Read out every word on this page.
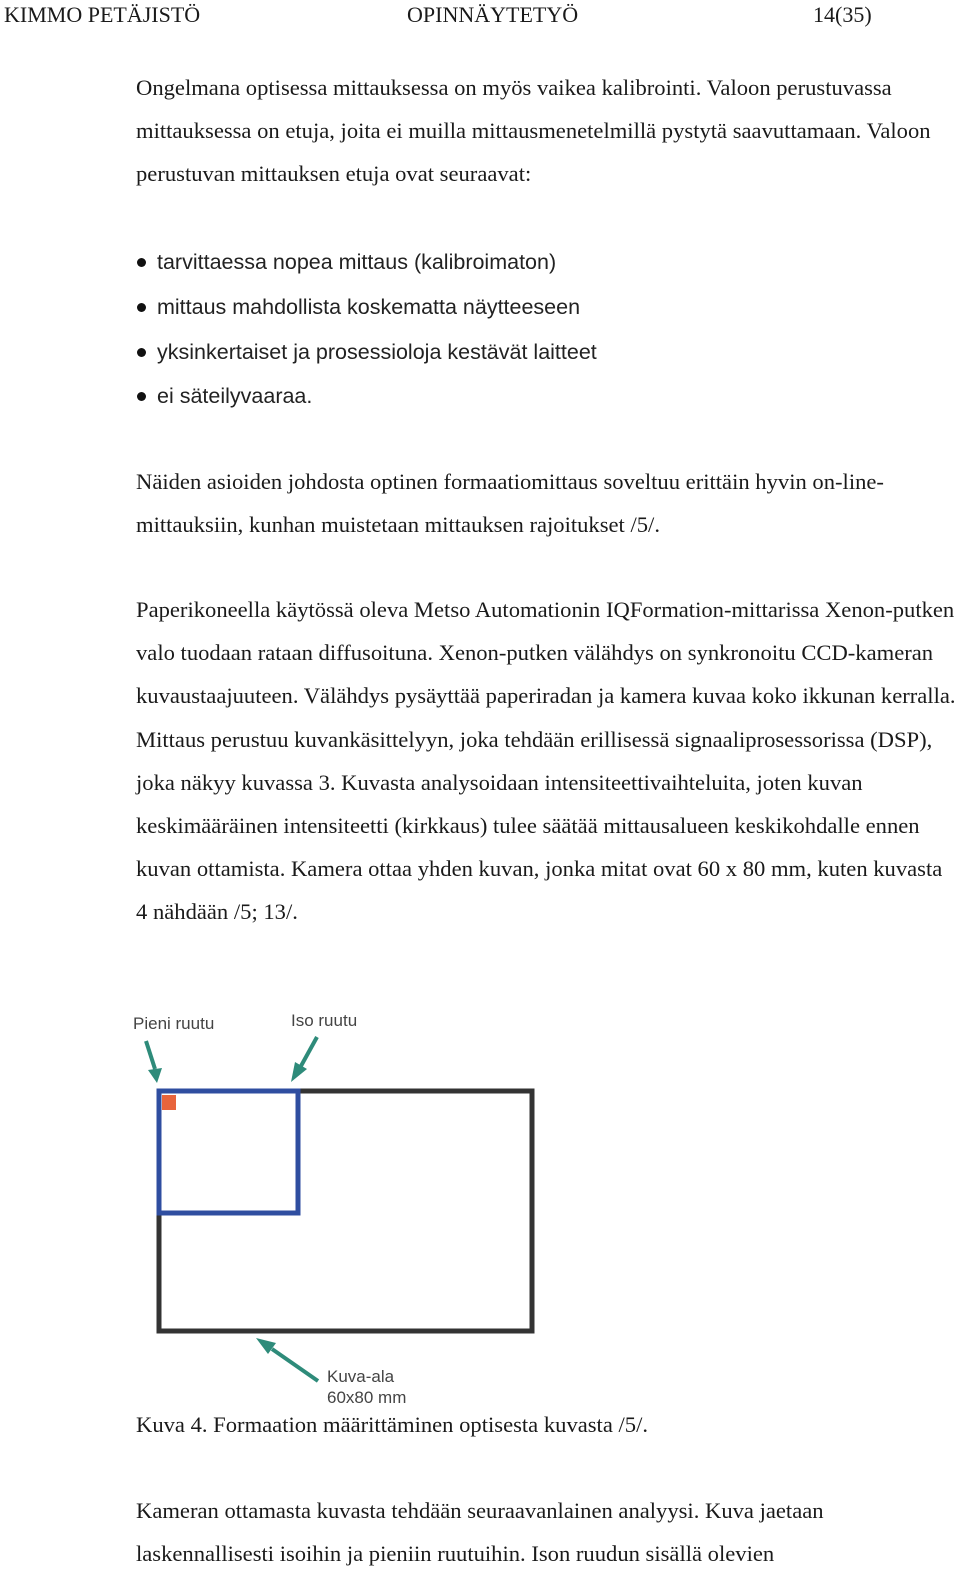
KIMMO PETÄJISTÖ	OPINNÄYTETYÖ	14(35)

Ongelmana optisessa mittauksessa on myös vaikea kalibrointi. Valoon perustuvassa mittauksessa on etuja, joita ei muilla mittausmenetelmillä pystytä saavuttamaan. Valoon perustuvan mittauksen etuja ovat seuraavat:

tarvittaessa nopea mittaus (kalibroimaton)
mittaus mahdollista koskematta näytteeseen
yksinkertaiset ja prosessioloja kestävät laitteet
ei säteilyvaaraa.

Näiden asioiden johdosta optinen formaatiomittaus soveltuu erittäin hyvin on-line-mittauksiin, kunhan muistetaan mittauksen rajoitukset /5/.

Paperikoneella käytössä oleva Metso Automationin IQFormation-mittarissa Xenon-putken valo tuodaan rataan diffusoituna. Xenon-putken välähdys on synkronoitu CCD-kameran kuvaustaajuuteen. Välähdys pysäyttää paperiradan ja kamera kuvaa koko ikkunan kerralla. Mittaus perustuu kuvankäsittelyyn, joka tehdään erillisessä signaaliprosessorissa (DSP), joka näkyy kuvassa 3. Kuvasta analysoidaan intensiteettivaihteluita, joten kuvan keskimääräinen intensiteetti (kirkkaus) tulee säätää mittausalueen keskikohdalle ennen kuvan ottamista. Kamera ottaa yhden kuvan, jonka mitat ovat 60 x 80 mm, kuten kuvasta 4 nähdään /5; 13/.

Pieni ruutu	Iso ruutu
Kuva-ala
60x80 mm

Kuva 4. Formaation määrittäminen optisesta kuvasta /5/.

Kameran ottamasta kuvasta tehdään seuraavanlainen analyysi. Kuva jaetaan laskennallisesti isoihin ja pieniin ruutuihin. Ison ruudun sisällä olevien
